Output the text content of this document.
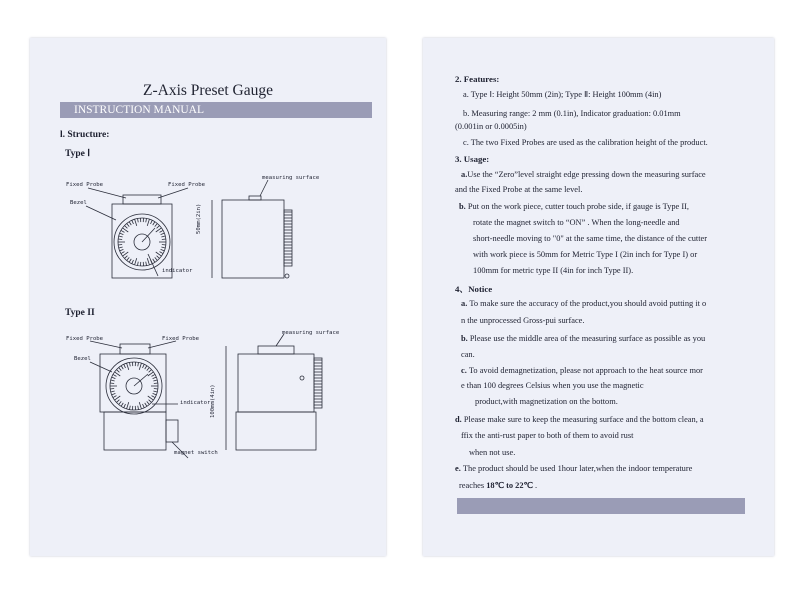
Z-Axis Preset Gauge
INSTRUCTION MANUAL
l. Structure:
Type Ⅰ
Fixed Probe	Fixed Probe
Bezel
indicator
measuring surface
50mm(2in)
Type II
Fixed Probe	Fixed Probe
Bezel
indicator
magnet switch
measuring surface
100mm(4in)
2. Features:
a. Type Ⅰ: Height 50mm (2in); Type Ⅱ: Height 100mm (4in)
b. Measuring range: 2 mm (0.1in), Indicator graduation: 0.01mm
(0.001in or 0.0005in)
c. The two Fixed Probes are used as the calibration height of the product.
3. Usage:
a.Use the “Zero”level straight edge pressing down the measuring surface
and the Fixed Probe at the same level.
b. Put on the work piece, cutter touch probe side, if gauge is Type II,
rotate the magnet switch to “ON” . When the long-needle and
short-needle moving to "0" at the same time, the distance of the cutter
with work piece is 50mm for Metric Type I (2in inch for Type I) or
100mm for metric type II (4in for inch Type II).
4、Notice
a. To make sure the accuracy of the product,you should avoid putting it o
n the unprocessed Gross-pui surface.
b. Please use the middle area of the measuring surface as possible as you
can.
c. To avoid demagnetization, please not approach to the heat source mor
e than 100 degrees Celsius when you use the magnetic
product,with magnetization on the bottom.
d. Please make sure to keep the measuring surface and the bottom clean, a
ffix the anti-rust paper to both of them to avoid rust
when not use.
e. The product should be used 1hour later,when the indoor temperature
reaches 18℃ to 22℃ .
